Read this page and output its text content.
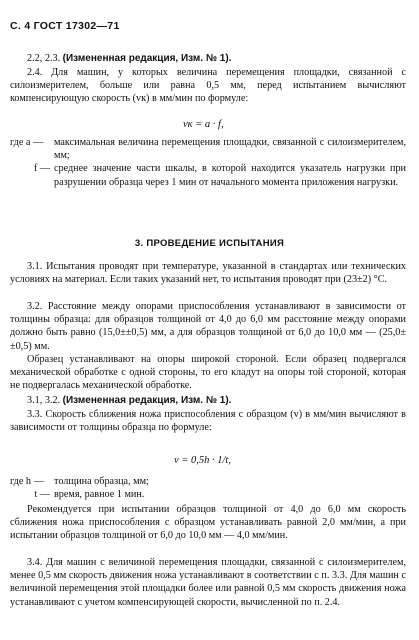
С. 4 ГОСТ 17302—71

2.2, 2.3. (Измененная редакция, Изм. № 1).

2.4. Для машин, у которых величина перемещения площадки, связанной с силоизмерителем, больше или равна 0,5 мм, перед испытанием вычисляют компенсирующую скорость (vк) в мм/мин по формуле:

vк = a · f,
где a —	максимальная величина перемещения площадки, связанной с силоизмерителем, мм;
f — среднее значение части шкалы, в которой находится указатель нагрузки при разрушении образца через 1 мин от начального момента приложения нагрузки.
3. ПРОВЕДЕНИЕ ИСПЫТАНИЯ

3.1. Испытания проводят при температуре, указанной в стандартах или технических условиях на материал. Если таких указаний нет, то испытания проводят при (23±2) °С.

3.2. Расстояние между опорами приспособления устанавливают в зависимости от толщины образца: для образцов толщиной от 4,0 до 6,0 мм расстояние между опорами должно быть равно (15,0±±0,5) мм, а для образцов толщиной от 6,0 до 10,0 мм — (25,0±±0,5) мм.

Образец устанавливают на опоры широкой стороной. Если образец подвергался механической обработке с одной стороны, то его кладут на опоры той стороной, которая не подвергалась механической обработке.

3.1, 3.2. (Измененная редакция, Изм. № 1).

3.3. Скорость сближения ножа приспособления с образцом (v) в мм/мин вычисляют в зависимости от толщины образца по формуле:

v = 0,5h · 1/t,
где h —	толщина образца, мм;
t — время, равное 1 мин.

Рекомендуется при испытании образцов толщиной от 4,0 до 6,0 мм скорость сближения ножа приспособления с образцом устанавливать равной 2,0 мм/мин, а при испытании образцов толщиной от 6,0 до 10,0 мм — 4,0 мм/мин.

3.4. Для машин с величиной перемещения площадки, связанной с силоизмерителем, менее 0,5 мм скорость движения ножа устанавливают в соответствии с п. 3.3. Для машин с величиной перемещения этой площадки более или равной 0,5 мм скорость движения ножа устанавливают с учетом компенсирующей скорости, вычисленной по п. 2.4.
